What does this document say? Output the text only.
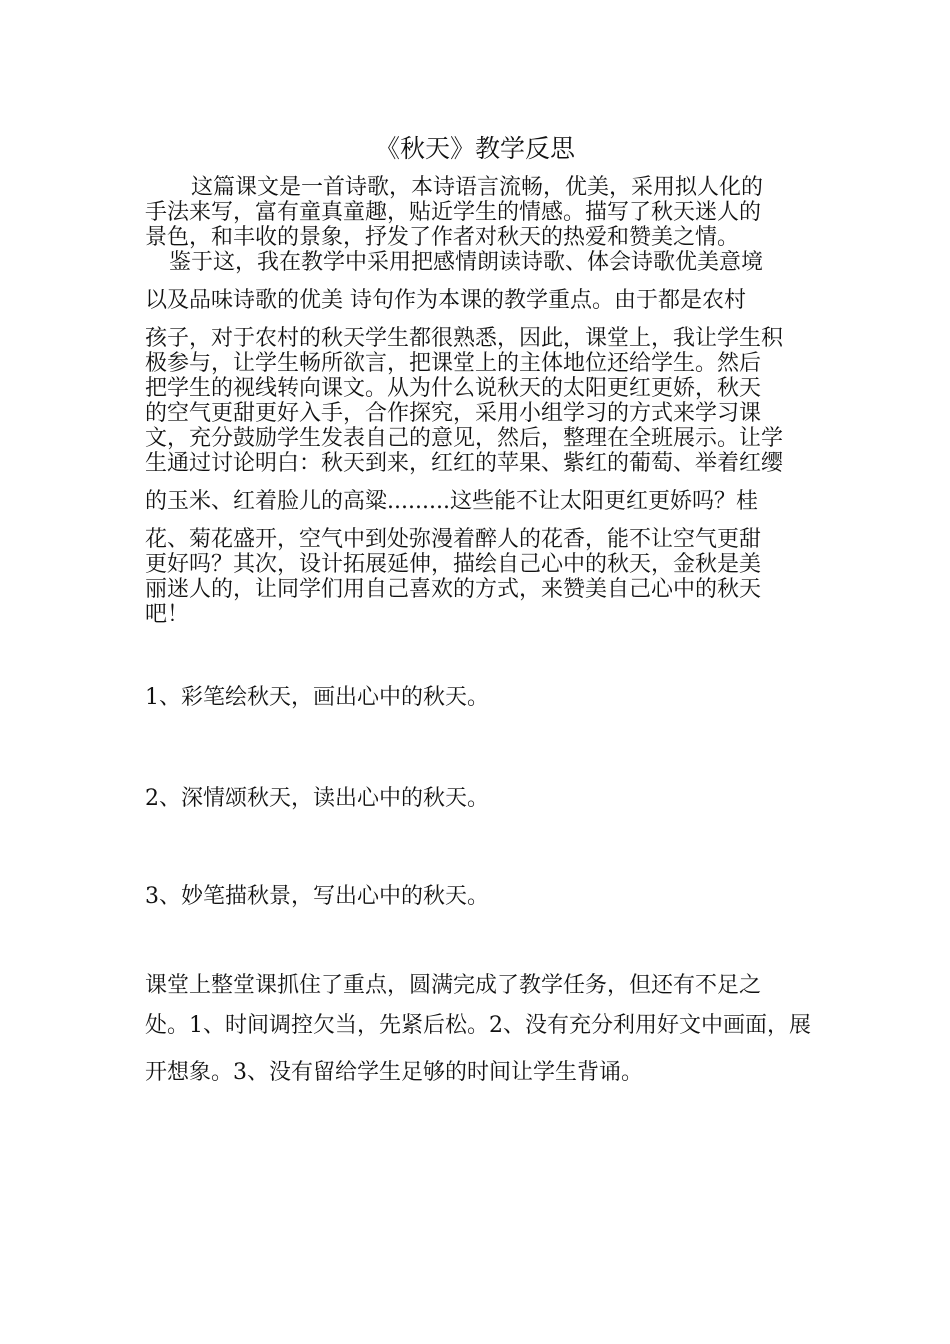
《秋天》教学反思
这篇课文是一首诗歌，本诗语言流畅，优美，采用拟人化的
手法来写，富有童真童趣，贴近学生的情感。描写了秋天迷人的
景色，和丰收的景象，抒发了作者对秋天的热爱和赞美之情。
鉴于这，我在教学中采用把感情朗读诗歌、体会诗歌优美意境
以及品味诗歌的优美 诗句作为本课的教学重点。由于都是农村
孩子，对于农村的秋天学生都很熟悉，因此，课堂上，我让学生积
极参与，让学生畅所欲言，把课堂上的主体地位还给学生。然后
把学生的视线转向课文。从为什么说秋天的太阳更红更娇，秋天
的空气更甜更好入手，合作探究，采用小组学习的方式来学习课
文，充分鼓励学生发表自己的意见，然后，整理在全班展示。让学
生通过讨论明白：秋天到来，红红的苹果、紫红的葡萄、举着红缨
的玉米、红着脸儿的高粱.........这些能不让太阳更红更娇吗？桂
花、菊花盛开，空气中到处弥漫着醉人的花香，能不让空气更甜
更好吗？其次，设计拓展延伸，描绘自己心中的秋天，金秋是美
丽迷人的，让同学们用自己喜欢的方式，来赞美自己心中的秋天
吧！
1、彩笔绘秋天，画出心中的秋天。
2、深情颂秋天，读出心中的秋天。
3、妙笔描秋景，写出心中的秋天。
课堂上整堂课抓住了重点，圆满完成了教学任务，但还有不足之
处。1、时间调控欠当，先紧后松。2、没有充分利用好文中画面，展
开想象。3、没有留给学生足够的时间让学生背诵。
